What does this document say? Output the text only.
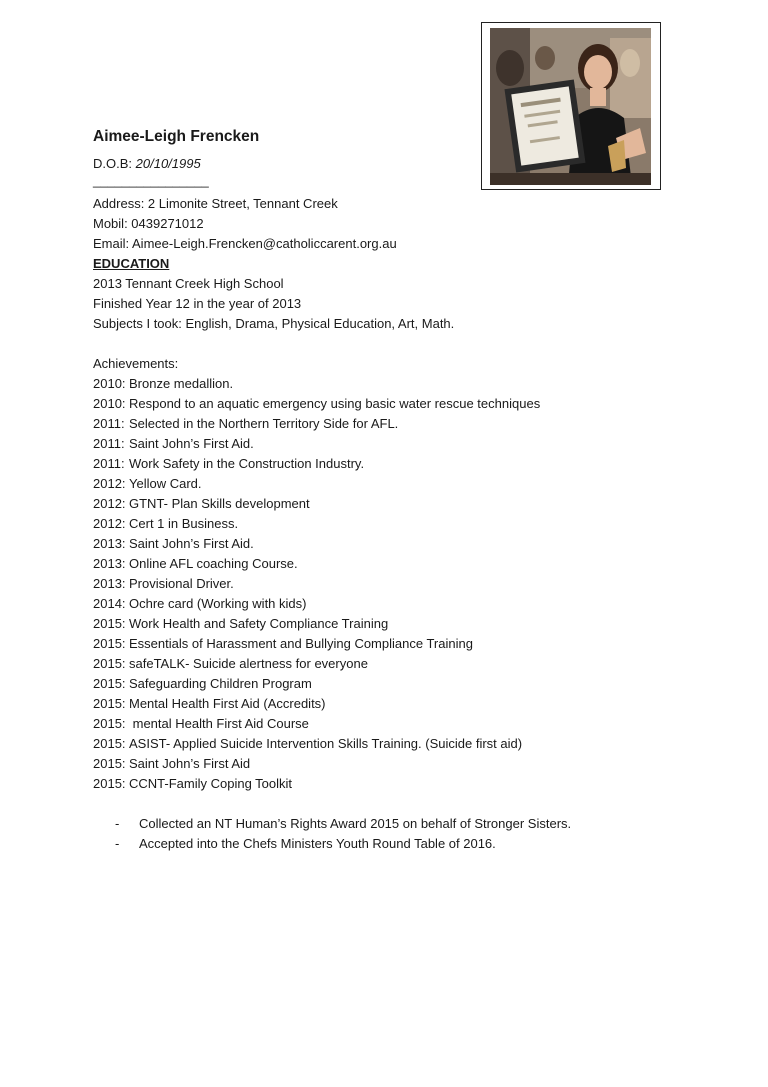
Aimee-Leigh Frencken
D.O.B: 20/10/1995
________________
Address: 2 Limonite Street, Tennant Creek
Mobil: 0439271012
Email: Aimee-Leigh.Frencken@catholiccarent.org.au
EDUCATION
2013 Tennant Creek High School
Finished Year 12 in the year of 2013
Subjects I took: English, Drama, Physical Education, Art, Math.
Achievements:
2010: Bronze medallion.
2010: Respond to an aquatic emergency using basic water rescue techniques
2011: Selected in the Northern Territory Side for AFL.
2011: Saint John’s First Aid.
2011: Work Safety in the Construction Industry.
2012: Yellow Card.
2012: GTNT- Plan Skills development
2012: Cert 1 in Business.
2013: Saint John’s First Aid.
2013: Online AFL coaching Course.
2013: Provisional Driver.
2014: Ochre card (Working with kids)
2015: Work Health and Safety Compliance Training
2015: Essentials of Harassment and Bullying Compliance Training
2015: safeTALK- Suicide alertness for everyone
2015: Safeguarding Children Program
2015: Mental Health First Aid (Accredits)
2015: mental Health First Aid Course
2015: ASIST- Applied Suicide Intervention Skills Training. (Suicide first aid)
2015: Saint John’s First Aid
2015: CCNT-Family Coping Toolkit
- Collected an NT Human’s Rights Award 2015 on behalf of Stronger Sisters.
- Accepted into the Chefs Ministers Youth Round Table of 2016.
